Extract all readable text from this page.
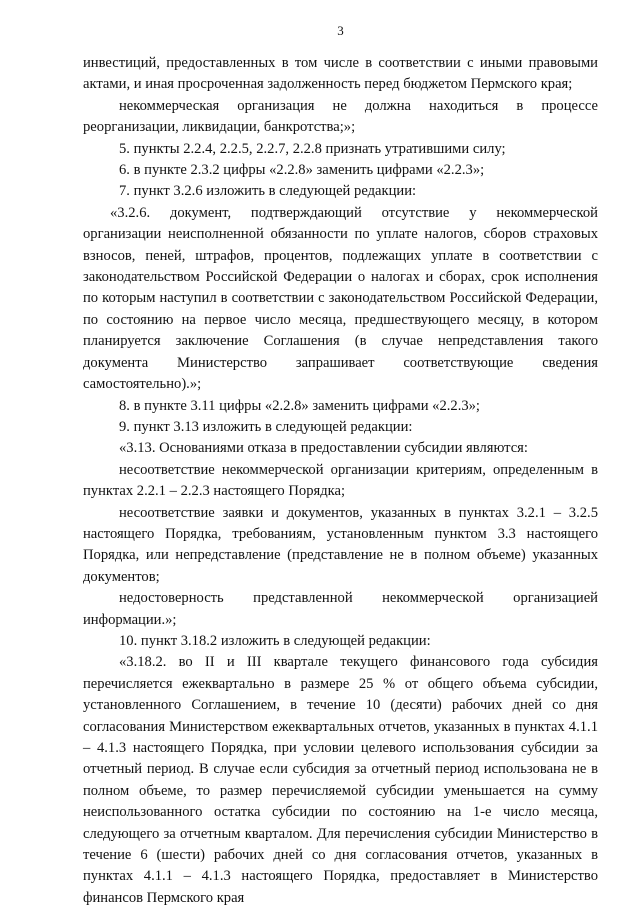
3

инвестиций, предоставленных в том числе в соответствии с иными правовыми актами, и иная просроченная задолженность перед бюджетом Пермского края;

некоммерческая организация не должна находиться в процессе реорганизации, ликвидации, банкротства;»;

5. пункты 2.2.4, 2.2.5, 2.2.7, 2.2.8 признать утратившими силу;

6. в пункте 2.3.2 цифры «2.2.8» заменить цифрами «2.2.3»;

7. пункт 3.2.6 изложить в следующей редакции:

«3.2.6. документ, подтверждающий отсутствие у некоммерческой организации неисполненной обязанности по уплате налогов, сборов страховых взносов, пеней, штрафов, процентов, подлежащих уплате в соответствии с законодательством Российской Федерации о налогах и сборах, срок исполнения по которым наступил в соответствии с законодательством Российской Федерации, по состоянию на первое число месяца, предшествующего месяцу, в котором планируется заключение Соглашения (в случае непредставления такого документа Министерство запрашивает соответствующие сведения самостоятельно).»;

8. в пункте 3.11 цифры «2.2.8» заменить цифрами «2.2.3»;

9. пункт 3.13 изложить в следующей редакции:

«3.13. Основаниями отказа в предоставлении субсидии являются:

несоответствие некоммерческой организации критериям, определенным в пунктах 2.2.1 – 2.2.3 настоящего Порядка;

несоответствие заявки и документов, указанных в пунктах 3.2.1 – 3.2.5 настоящего Порядка, требованиям, установленным пунктом 3.3 настоящего Порядка, или непредставление (представление не в полном объеме) указанных документов;

недостоверность представленной некоммерческой организацией информации.»;

10. пункт 3.18.2 изложить в следующей редакции:

«3.18.2. во II и III квартале текущего финансового года субсидия перечисляется ежеквартально в размере 25 % от общего объема субсидии, установленного Соглашением, в течение 10 (десяти) рабочих дней со дня согласования Министерством ежеквартальных отчетов, указанных в пунктах 4.1.1 – 4.1.3 настоящего Порядка, при условии целевого использования субсидии за отчетный период. В случае если субсидия за отчетный период использована не в полном объеме, то размер перечисляемой субсидии уменьшается на сумму неиспользованного остатка субсидии по состоянию на 1-е число месяца, следующего за отчетным кварталом. Для перечисления субсидии Министерство в течение 6 (шести) рабочих дней со дня согласования отчетов, указанных в пунктах 4.1.1 – 4.1.3 настоящего Порядка, предоставляет в Министерство финансов Пермского края
